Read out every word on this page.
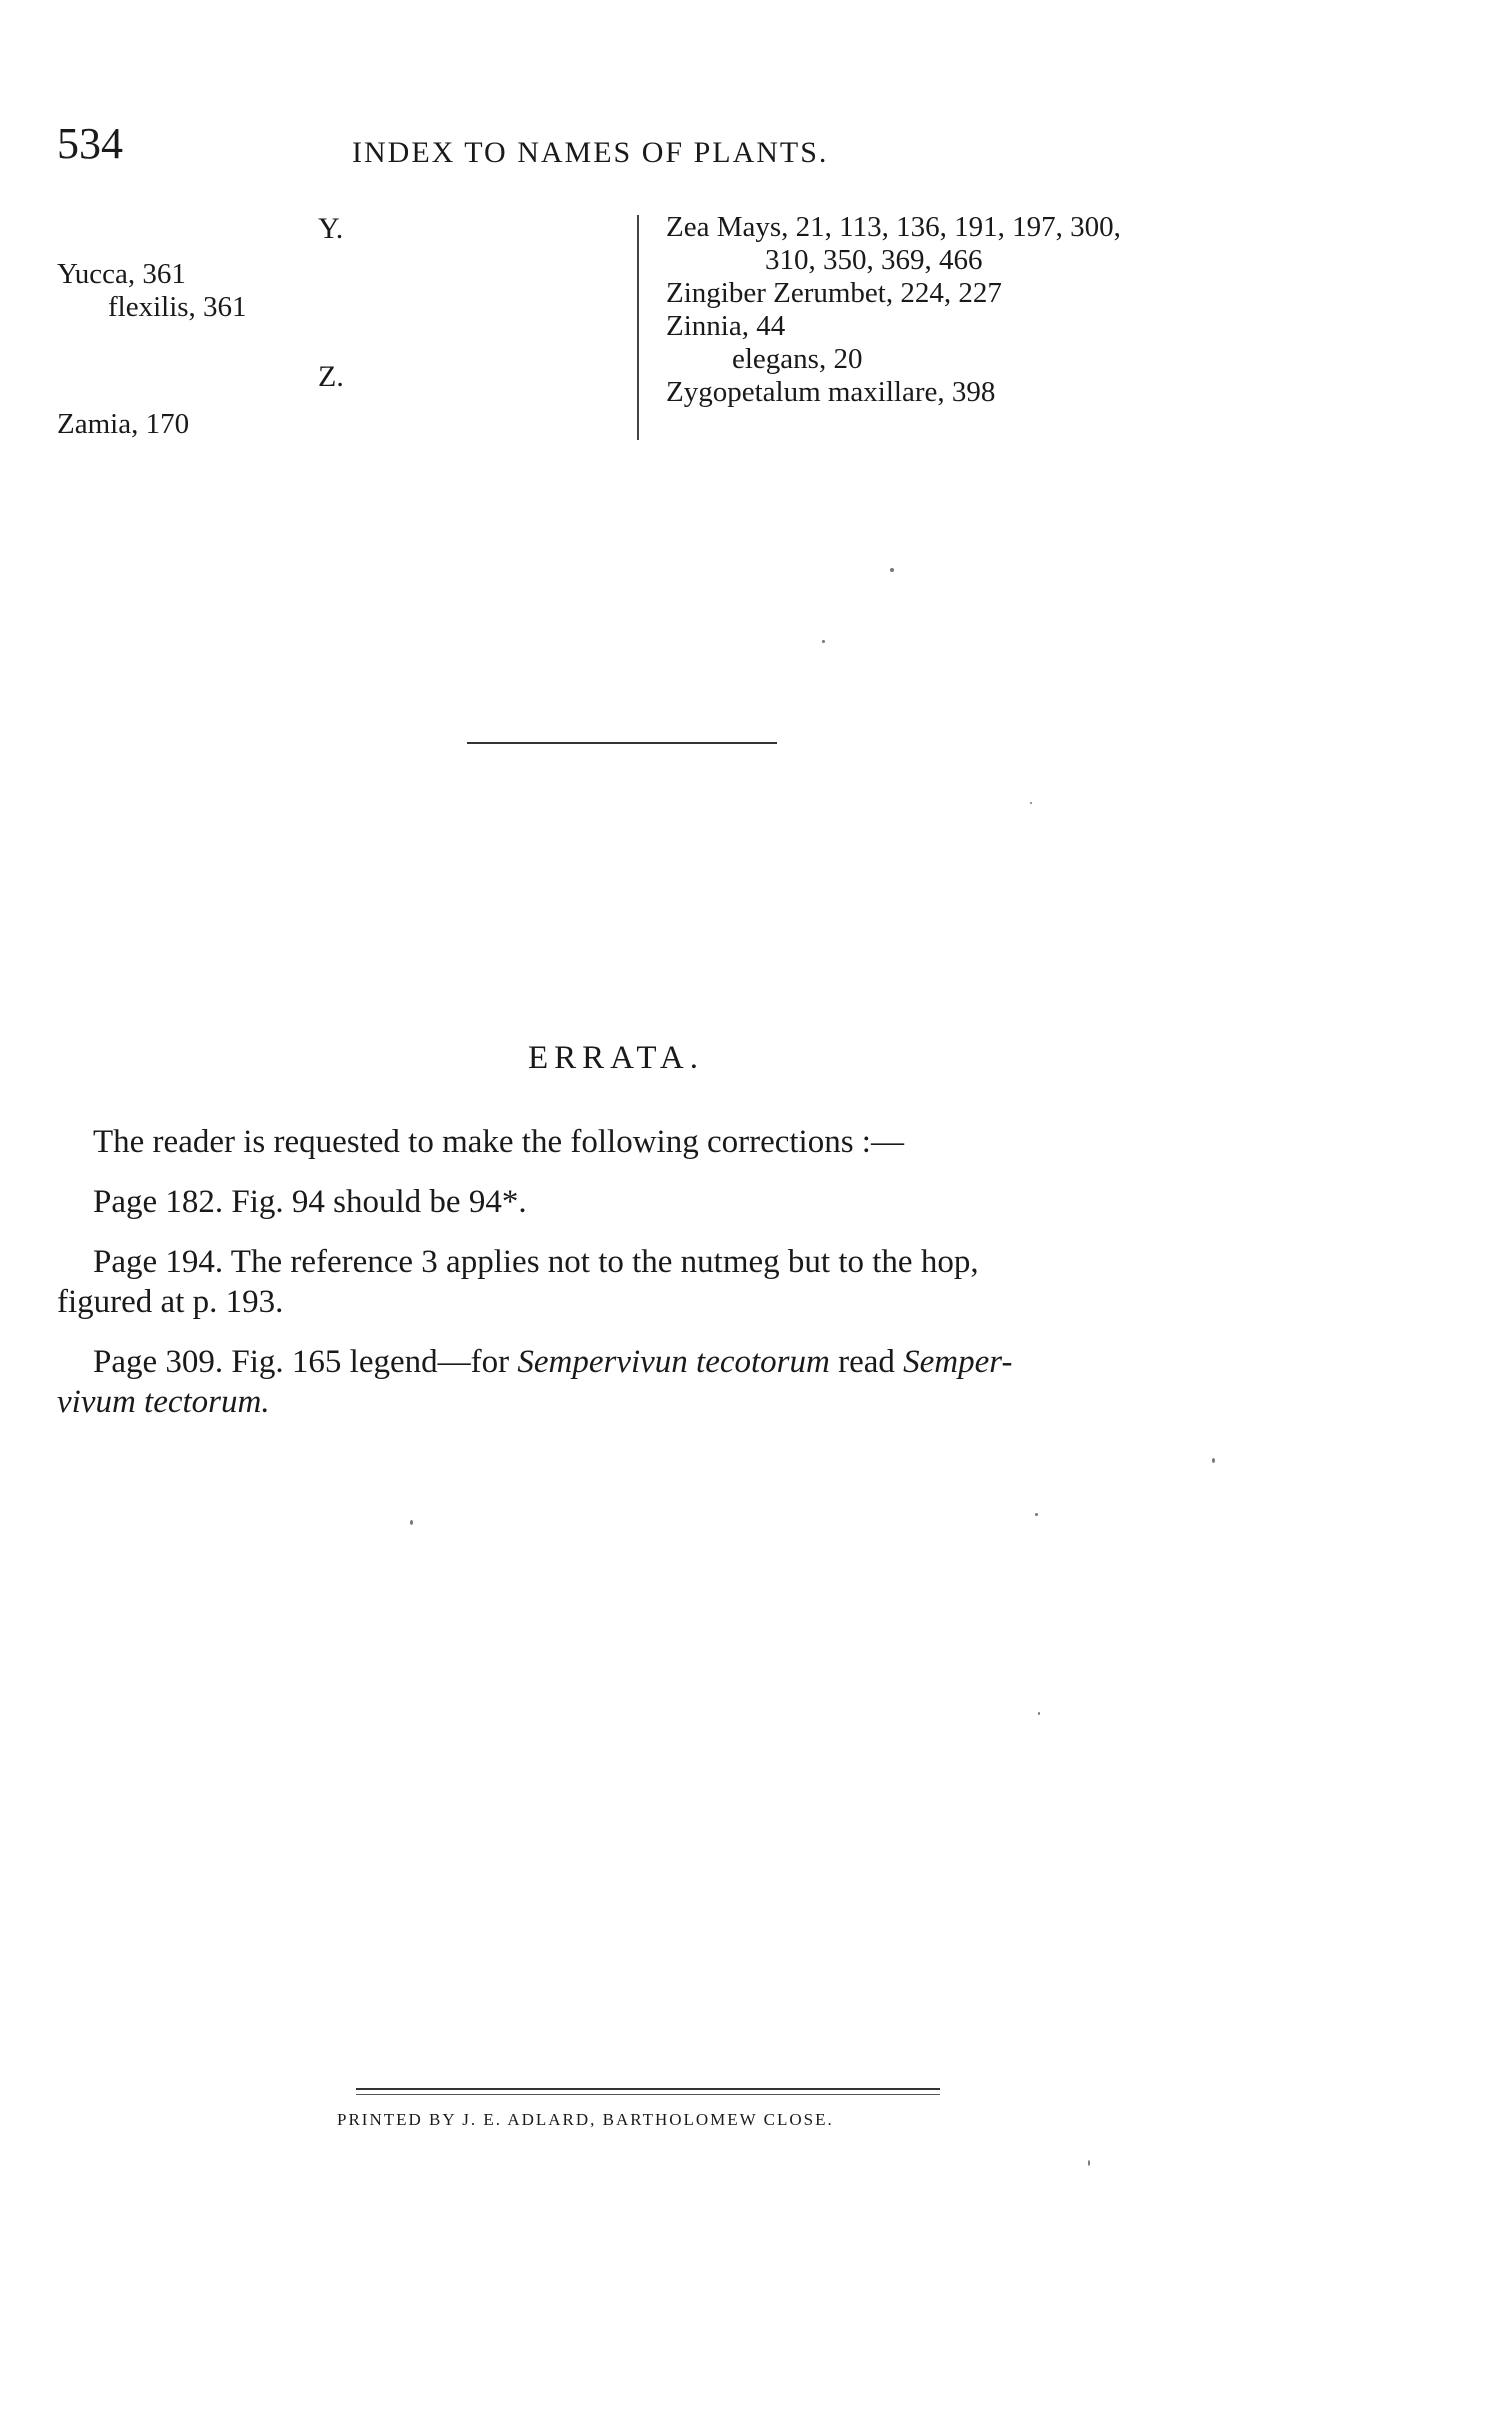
534	INDEX TO NAMES OF PLANTS.
Y.
Yucca, 361
flexilis, 361
Z.
Zamia, 170
Zea Mays, 21, 113, 136, 191, 197, 300,
310, 350, 369, 466
Zingiber Zerumbet, 224, 227
Zinnia, 44
elegans, 20
Zygopetalum maxillare, 398
ERRATA.
The reader is requested to make the following corrections :—
Page 182. Fig. 94 should be 94*.
Page 194. The reference 3 applies not to the nutmeg but to the hop,
figured at p. 193.
Page 309. Fig. 165 legend—for Sempervivun tecotorum read Semper-
vivum tectorum.
PRINTED BY J. E. ADLARD, BARTHOLOMEW CLOSE.
